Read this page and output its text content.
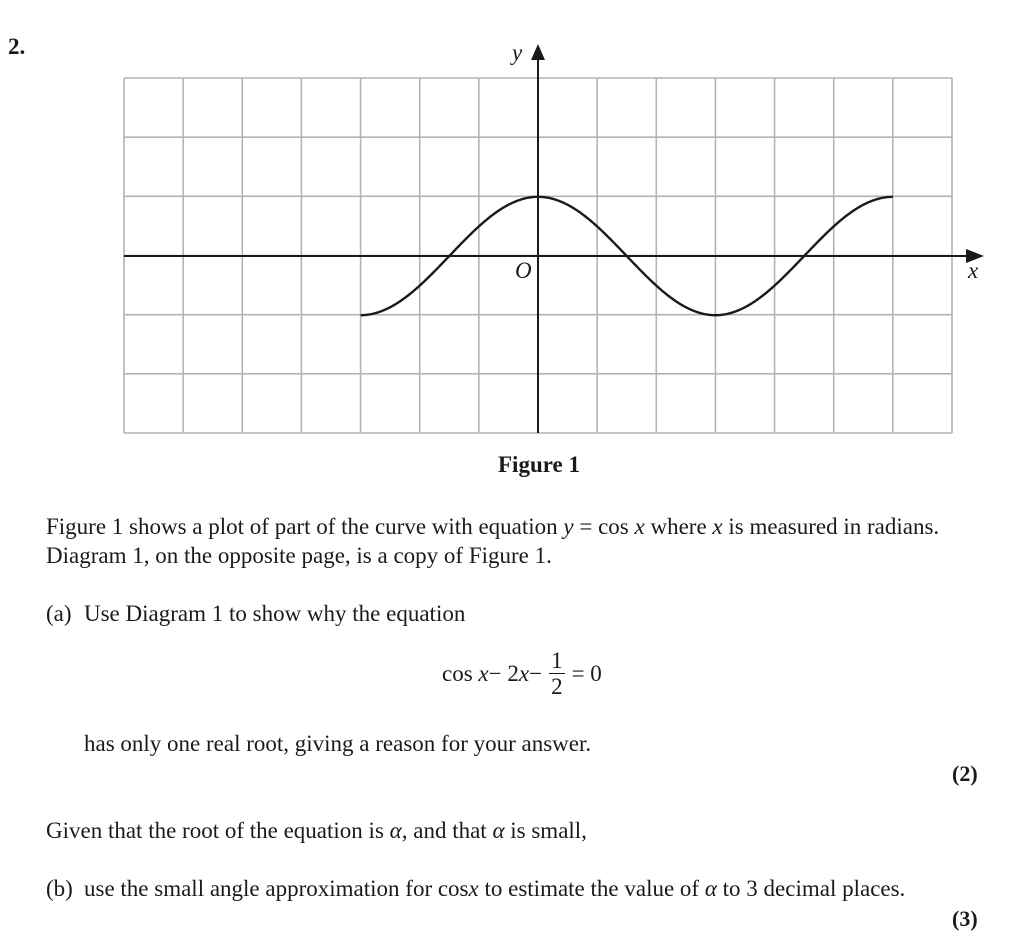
2.
x
y
O
Figure 1
Figure 1 shows a plot of part of the curve with equation y = cos x where x is measured in radians.
Diagram 1, on the opposite page, is a copy of Figure 1.
(a) Use Diagram 1 to show why the equation
cos
x − 2 $x - \frac{1}{2} = 0$
has only one real root, giving a reason for your answer.
(2)
Given that the root of the equation is α, and that α is small,
(b) use the small angle approximation for cosx to estimate the value of α to 3 decimal places.
(3)
